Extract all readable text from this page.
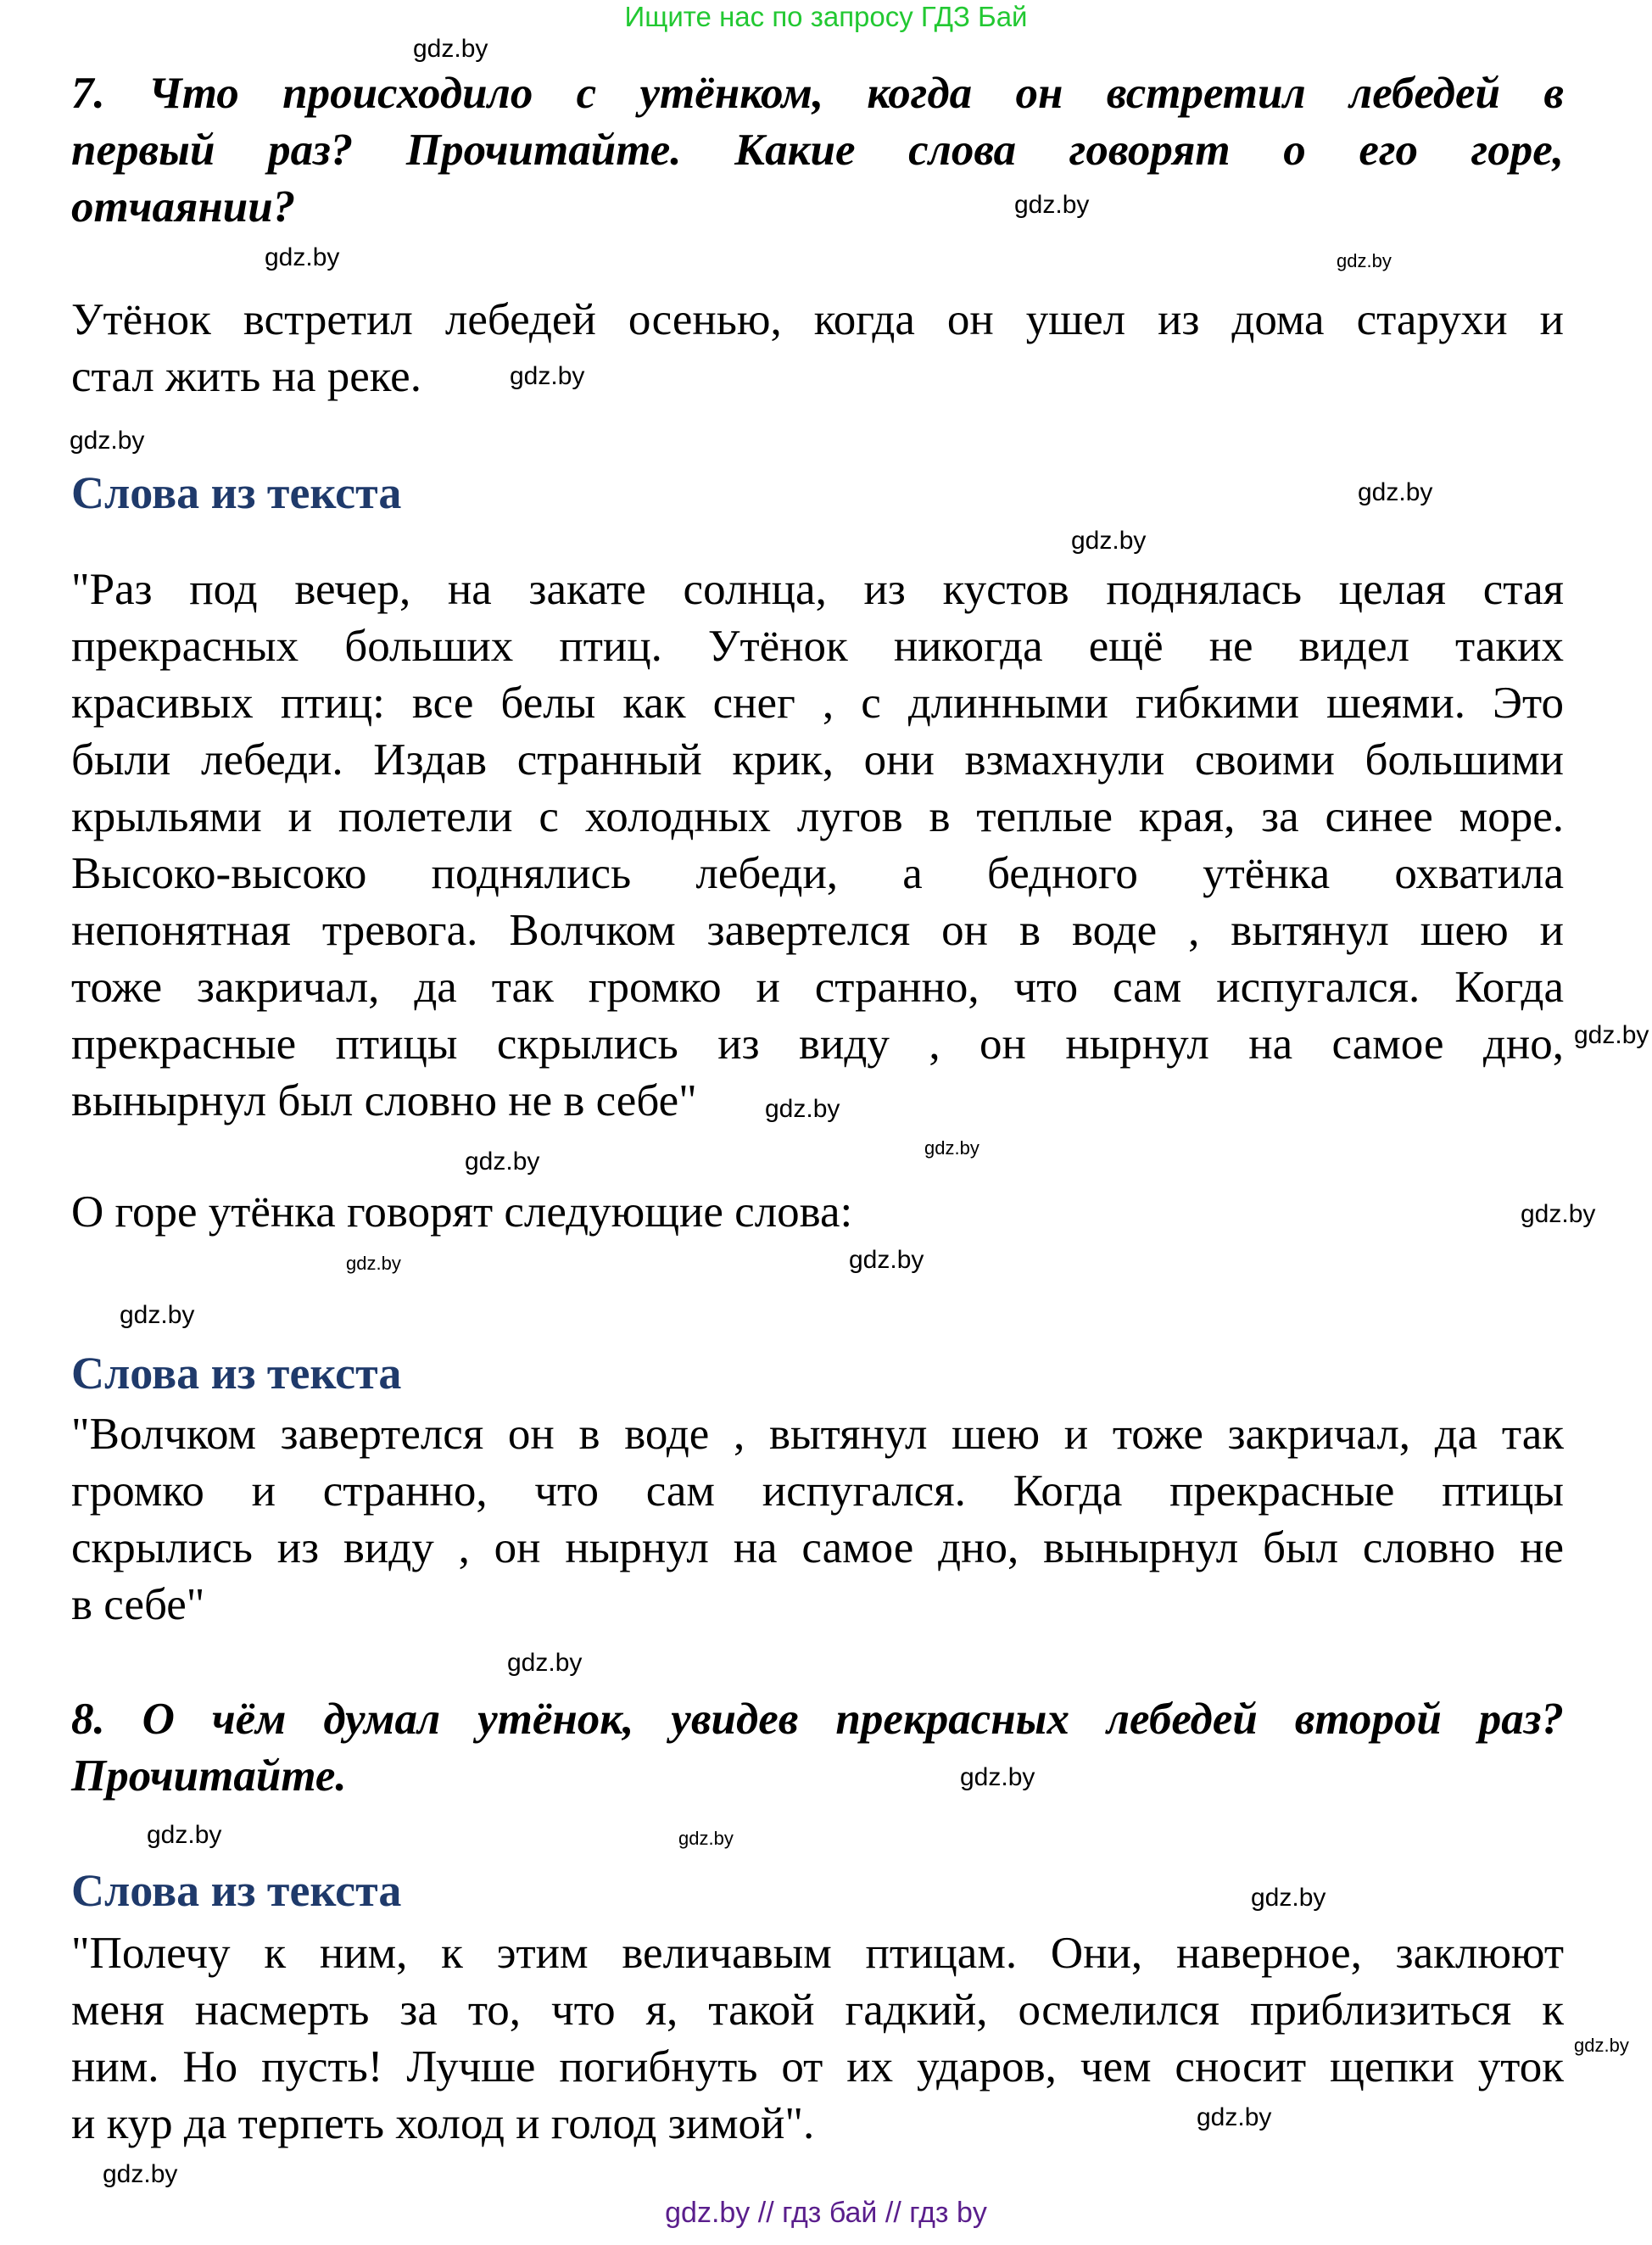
Ищите нас по запросу ГДЗ Бай
7. Что происходило с утёнком, когда он встретил лебедей в
первый раз? Прочитайте. Какие слова говорят о его горе,
отчаянии?
Утёнок встретил лебедей осенью, когда он ушел из дома старухи и
стал жить на реке.
Слова из текста
"Раз под вечер, на закате солнца, из кустов поднялась целая стая
прекрасных больших птиц. Утёнок никогда ещё не видел таких
красивых птиц: все белы как снег , с длинными гибкими шеями. Это
были лебеди. Издав странный крик, они взмахнули своими большими
крыльями и полетели с холодных лугов в теплые края, за синее море.
Высоко-высоко поднялись лебеди, а бедного утёнка охватила
непонятная тревога. Волчком завертелся он в воде , вытянул шею и
тоже закричал, да так громко и странно, что сам испугался. Когда
прекрасные птицы скрылись из виду , он нырнул на самое дно,
вынырнул был словно не в себе"
О горе утёнка говорят следующие слова:
Слова из текста
"Волчком завертелся он в воде , вытянул шею и тоже закричал, да так
громко и странно, что сам испугался. Когда прекрасные птицы
скрылись из виду , он нырнул на самое дно, вынырнул был словно не
в себе"
8. О чём думал утёнок, увидев прекрасных лебедей второй раз?
Прочитайте.
Слова из текста
"Полечу к ним, к этим величавым птицам. Они, наверное, заклюют
меня насмерть за то, что я, такой гадкий, осмелился приблизиться к
ним. Но пусть! Лучше погибнуть от их ударов, чем сносит щепки уток
и кур да терпеть холод и голод зимой".
gdz.by
gdz.by
gdz.by
gdz.by
gdz.by
gdz.by
gdz.by
gdz.by
gdz.by
gdz.by
gdz.by
gdz.by
gdz.by
gdz.by
gdz.by
gdz.by
gdz.by
gdz.by
gdz.by
gdz.by
gdz.by
gdz.by
gdz.by
gdz.by
gdz.by // гдз бай // гдз by
